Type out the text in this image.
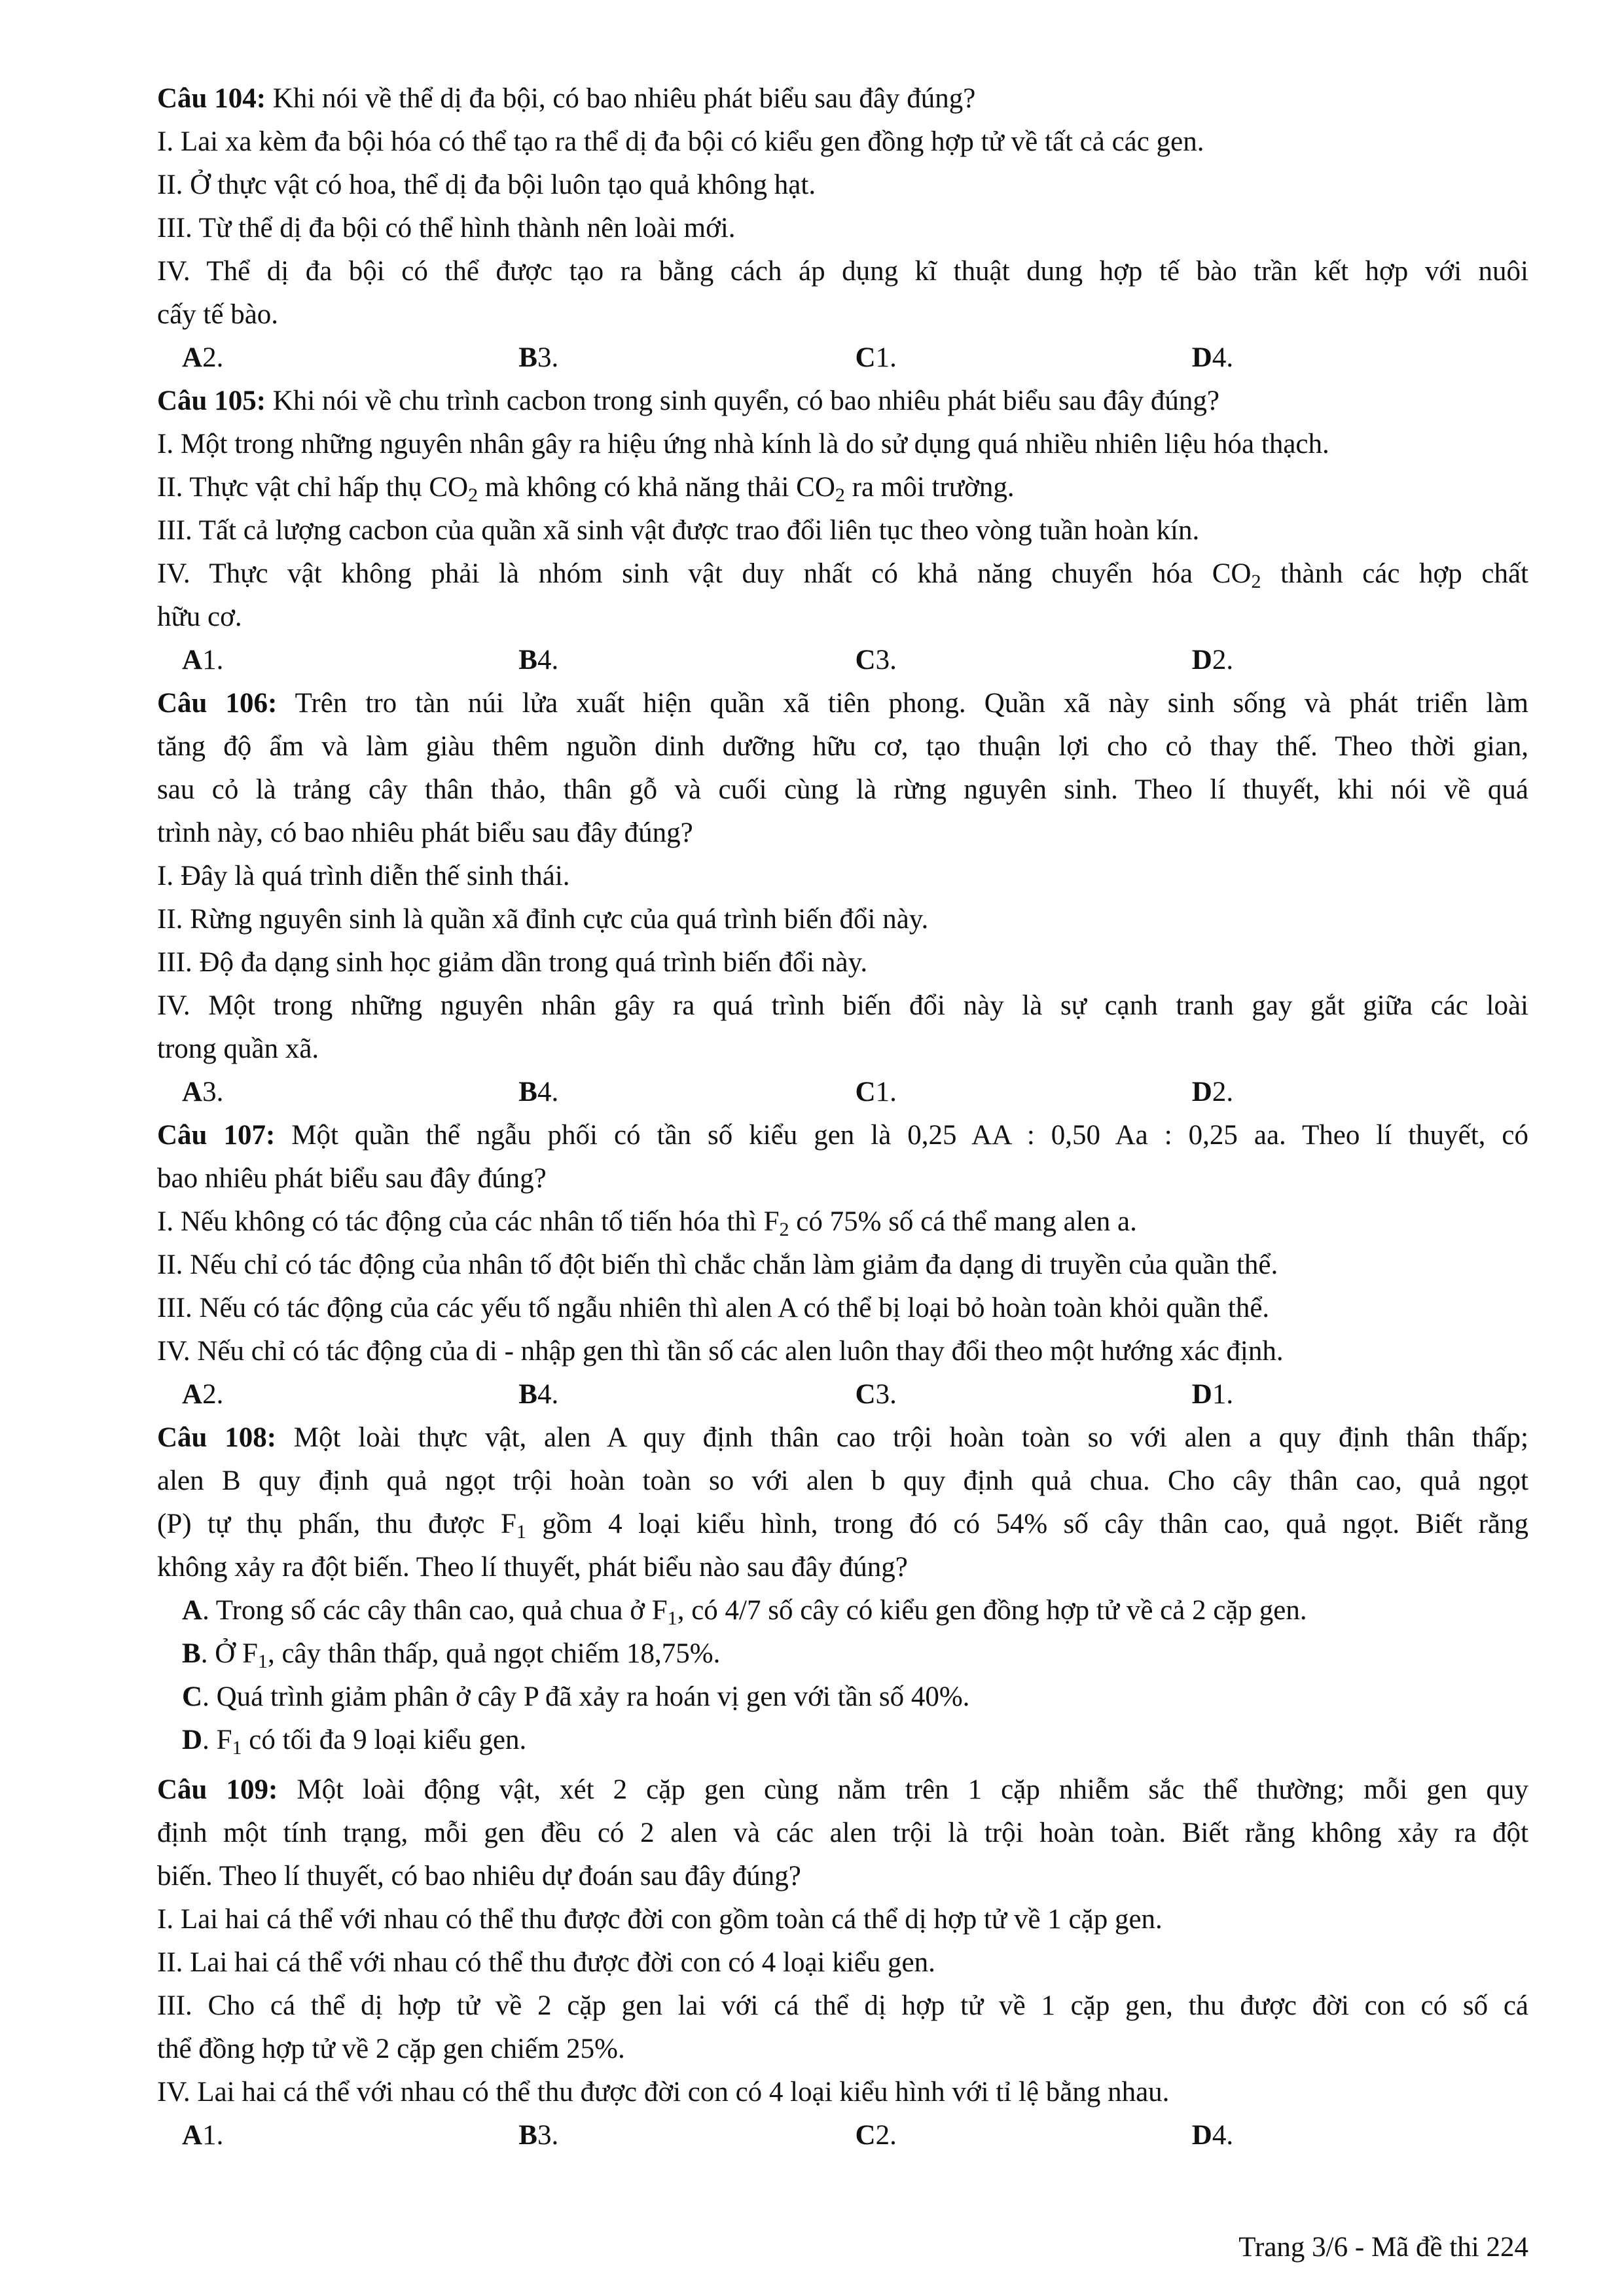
Câu 104: Khi nói về thể dị đa bội, có bao nhiêu phát biểu sau đây đúng?
I. Lai xa kèm đa bội hóa có thể tạo ra thể dị đa bội có kiểu gen đồng hợp tử về tất cả các gen.
II. Ở thực vật có hoa, thể dị đa bội luôn tạo quả không hạt.
III. Từ thể dị đa bội có thể hình thành nên loài mới.
IV. Thể dị đa bội có thể được tạo ra bằng cách áp dụng kĩ thuật dung hợp tế bào trần kết hợp với nuôi
cấy tế bào.
A2.	B3.	C1.	D4.
Câu 105: Khi nói về chu trình cacbon trong sinh quyển, có bao nhiêu phát biểu sau đây đúng?
I. Một trong những nguyên nhân gây ra hiệu ứng nhà kính là do sử dụng quá nhiều nhiên liệu hóa thạch.
II. Thực vật chỉ hấp thụ $CO_2$ mà không có khả năng thải $CO_2$ ra môi trường.
III. Tất cả lượng cacbon của quần xã sinh vật được trao đổi liên tục theo vòng tuần hoàn kín.
IV. Thực vật không phải là nhóm sinh vật duy nhất có khả năng chuyển hóa $CO_2$ thành các hợp chất
hữu cơ.
A1.	B4.	C3.	D2.
Câu 106: Trên tro tàn núi lửa xuất hiện quần xã tiên phong. Quần xã này sinh sống và phát triển làm
tăng độ ẩm và làm giàu thêm nguồn dinh dưỡng hữu cơ, tạo thuận lợi cho cỏ thay thế. Theo thời gian,
sau cỏ là trảng cây thân thảo, thân gỗ và cuối cùng là rừng nguyên sinh. Theo lí thuyết, khi nói về quá
trình này, có bao nhiêu phát biểu sau đây đúng?
I. Đây là quá trình diễn thế sinh thái.
II. Rừng nguyên sinh là quần xã đỉnh cực của quá trình biến đổi này.
III. Độ đa dạng sinh học giảm dần trong quá trình biến đổi này.
IV. Một trong những nguyên nhân gây ra quá trình biến đổi này là sự cạnh tranh gay gắt giữa các loài
trong quần xã.
A3.	B4.	C1.	D2.
Câu 107: Một quần thể ngẫu phối có tần số kiểu gen là 0,25 AA : 0,50 Aa : 0,25 aa. Theo lí thuyết, có
bao nhiêu phát biểu sau đây đúng?
I. Nếu không có tác động của các nhân tố tiến hóa thì $F_2$ có 75% số cá thể mang alen a.
II. Nếu chỉ có tác động của nhân tố đột biến thì chắc chắn làm giảm đa dạng di truyền của quần thể.
III. Nếu có tác động của các yếu tố ngẫu nhiên thì alen A có thể bị loại bỏ hoàn toàn khỏi quần thể.
IV. Nếu chỉ có tác động của di - nhập gen thì tần số các alen luôn thay đổi theo một hướng xác định.
A2.	B4.	C3.	D1.
Câu 108: Một loài thực vật, alen A quy định thân cao trội hoàn toàn so với alen a quy định thân thấp;
alen B quy định quả ngọt trội hoàn toàn so với alen b quy định quả chua. Cho cây thân cao, quả ngọt
(P) tự thụ phấn, thu được $F_1$ gồm 4 loại kiểu hình, trong đó có 54% số cây thân cao, quả ngọt. Biết rằng
không xảy ra đột biến. Theo lí thuyết, phát biểu nào sau đây đúng?
A. Trong số các cây thân cao, quả chua ở $F_1$, có 4/7 số cây có kiểu gen đồng hợp tử về cả 2 cặp gen.
B. Ở $F_1$, cây thân thấp, quả ngọt chiếm 18,75%.
C. Quá trình giảm phân ở cây P đã xảy ra hoán vị gen với tần số 40%.
D. $F_1$ có tối đa 9 loại kiểu gen.
Câu 109: Một loài động vật, xét 2 cặp gen cùng nằm trên 1 cặp nhiễm sắc thể thường; mỗi gen quy
định một tính trạng, mỗi gen đều có 2 alen và các alen trội là trội hoàn toàn. Biết rằng không xảy ra đột
biến. Theo lí thuyết, có bao nhiêu dự đoán sau đây đúng?
I. Lai hai cá thể với nhau có thể thu được đời con gồm toàn cá thể dị hợp tử về 1 cặp gen.
II. Lai hai cá thể với nhau có thể thu được đời con có 4 loại kiểu gen.
III. Cho cá thể dị hợp tử về 2 cặp gen lai với cá thể dị hợp tử về 1 cặp gen, thu được đời con có số cá
thể đồng hợp tử về 2 cặp gen chiếm 25%.
IV. Lai hai cá thể với nhau có thể thu được đời con có 4 loại kiểu hình với tỉ lệ bằng nhau.
A1.	B3.	C2.	D4.
Trang 3/6 - Mã đề thi 224
